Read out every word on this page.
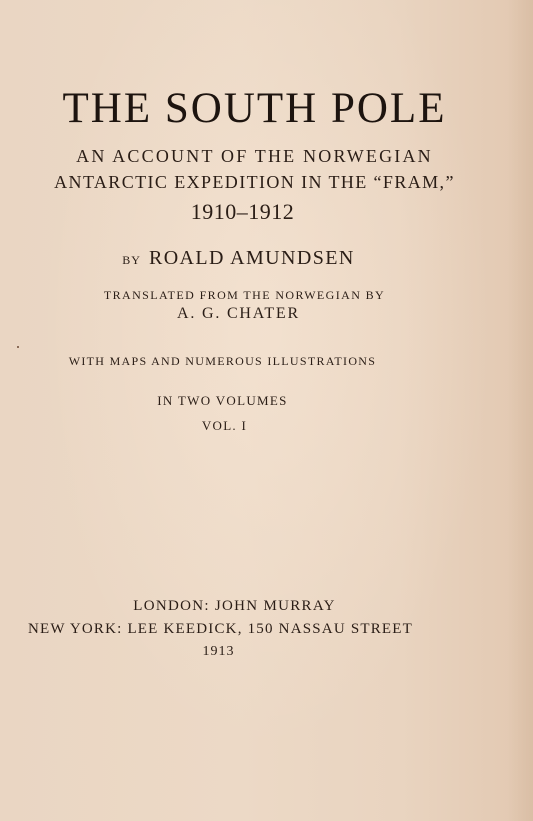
THE SOUTH POLE
AN ACCOUNT OF THE NORWEGIAN
ANTARCTIC EXPEDITION IN THE “FRAM,”
1910–1912
BY ROALD AMUNDSEN
TRANSLATED FROM THE NORWEGIAN BY
A. G. CHATER
WITH MAPS AND NUMEROUS ILLUSTRATIONS
IN TWO VOLUMES
VOL. I
LONDON: JOHN MURRAY
NEW YORK: LEE KEEDICK, 150 NASSAU STREET
1913
